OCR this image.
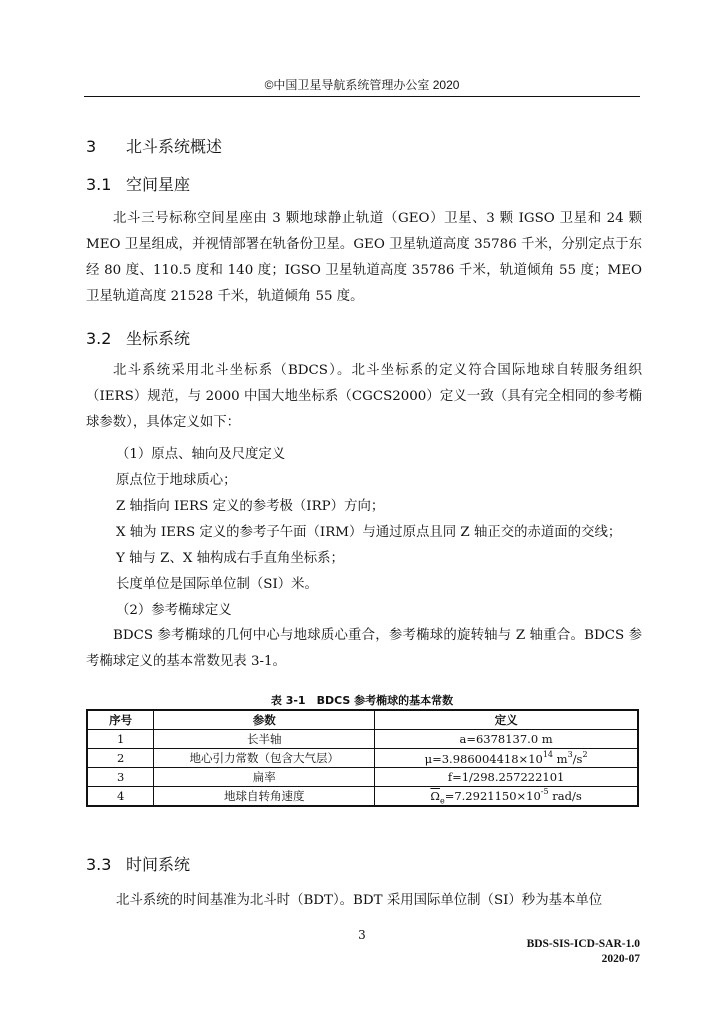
©中国卫星导航系统管理办公室 2020
3 北斗系统概述
3.1 空间星座
北斗三号标称空间星座由 3 颗地球静止轨道（GEO）卫星、3 颗 IGSO 卫星和 24 颗 MEO 卫星组成，并视情部署在轨备份卫星。GEO 卫星轨道高度 35786 千米，分别定点于东经 80 度、110.5 度和 140 度；IGSO 卫星轨道高度 35786 千米，轨道倾角 55 度；MEO 卫星轨道高度 21528 千米，轨道倾角 55 度。
3.2 坐标系统
北斗系统采用北斗坐标系（BDCS）。北斗坐标系的定义符合国际地球自转服务组织（IERS）规范，与 2000 中国大地坐标系（CGCS2000）定义一致（具有完全相同的参考椭球参数），具体定义如下：
（1）原点、轴向及尺度定义
原点位于地球质心；
Z 轴指向 IERS 定义的参考极（IRP）方向；
X 轴为 IERS 定义的参考子午面（IRM）与通过原点且同 Z 轴正交的赤道面的交线；
Y 轴与 Z、X 轴构成右手直角坐标系；
长度单位是国际单位制（SI）米。
（2）参考椭球定义
BDCS 参考椭球的几何中心与地球质心重合，参考椭球的旋转轴与 Z 轴重合。BDCS 参考椭球定义的基本常数见表 3-1。
表 3-1　BDCS 参考椭球的基本常数
序号	参数	定义
1	长半轴	a=6378137.0 m
2	地心引力常数（包含大气层）	$\mu=3.986004418\times 10^{14}$ $m^3/s^2$
3	扁率	f=1/298.257222101
4	地球自转角速度	$\overline{\Omega}_e=7.2921150\times 10^{-5}$ rad/s
3.3 时间系统
北斗系统的时间基准为北斗时（BDT）。BDT 采用国际单位制（SI）秒为基本单位
3
BDS-SIS-ICD-SAR-1.0
2020-07
